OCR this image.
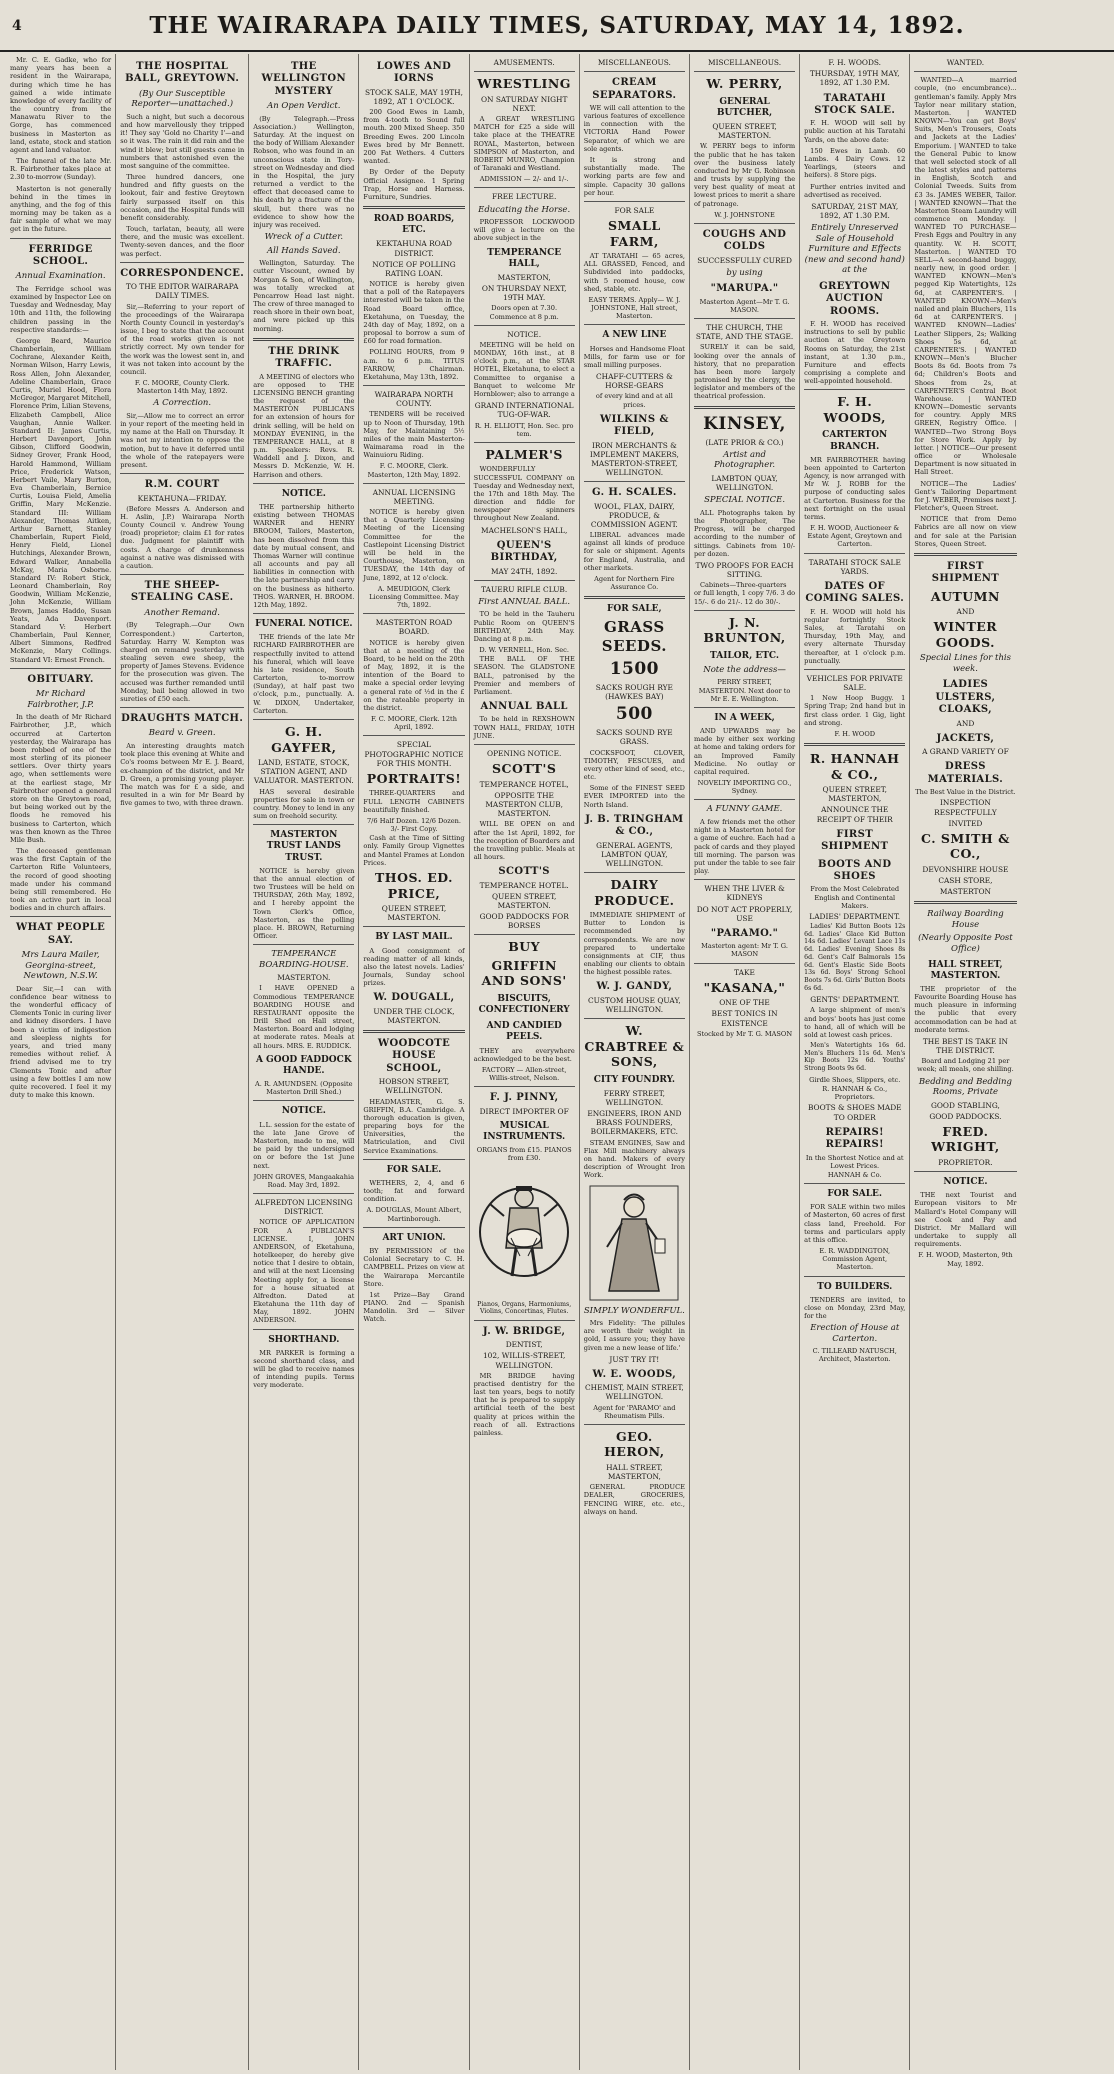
4	THE WAIRARAPA DAILY TIMES, SATURDAY, MAY 14, 1892.

Mr. C. E. Gadke, who for many years has been a resident in the Wairarapa, during which time he has gained a wide intimate knowledge of every facility of the country from the Manawatu River to the Gorge, has commenced business in Masterton as land, estate, stock and station agent and land valuator.

The funeral of the late Mr. R. Fairbrother takes place at 2.30 to-morrow (Sunday).

Masterton is not generally behind in the times in anything, and the fog of this morning may be taken as a fair sample of what we may get in the future.

FERRIDGE SCHOOL.
Annual Examination.

The Ferridge school was examined by Inspector Lee on Tuesday and Wednesday, May 10th and 11th, the following children passing in the respective standards:—

George Beard, Maurice Chamberlain, William Cochrane, Alexander Keith, Norman Wilson, Harry Lewis, Ross Allen, John Alexander, Adeline Chamberlain, Grace Curtis, Muriel Hood, Flora McGregor, Margaret Mitchell, Florence Prim, Lilian Stevens, Elizabeth Campbell, Alice Vaughan, Annie Walker. Standard II: James Curtis, Herbert Davenport, John Gibson, Clifford Goodwin, Sidney Grover, Frank Hood, Harold Hammond, William Price, Frederick Watson, Herbert Vaile, Mary Burton, Eva Chamberlain, Bernice Curtis, Louisa Field, Amelia Griffin, Mary McKenzie. Standard III: William Alexander, Thomas Aitken, Arthur Barnett, Stanley Chamberlain, Rupert Field, Henry Field, Lionel Hutchings, Alexander Brown, Edward Walker, Annabella McKay, Maria Osborne. Standard IV: Robert Stick, Leonard Chamberlain, Roy Goodwin, William McKenzie, John McKenzie, William Brown, James Haddo, Susan Yeats, Ada Davenport. Standard V: Herbert Chamberlain, Paul Kenner, Albert Simmons, Redfred McKenzie, Mary Collings. Standard VI: Ernest French.

OBITUARY.
Mr Richard Fairbrother, J.P.

In the death of Mr Richard Fairbrother, J.P., which occurred at Carterton yesterday, the Wairarapa has been robbed of one of the most sterling of its pioneer settlers. Over thirty years ago, when settlements were at the earliest stage, Mr Fairbrother opened a general store on the Greytown road, but being worked out by the floods he removed his business to Carterton, which was then known as the Three Mile Bush.

The deceased gentleman was the first Captain of the Carterton Rifle Volunteers, the record of good shooting made under his command being still remembered. He took an active part in local bodies and in church affairs.

WHAT PEOPLE SAY.
Mrs Laura Mailer, Georgina-street, Newtown, N.S.W.

Dear Sir,—I can with confidence bear witness to the wonderful efficacy of Clements Tonic in curing liver and kidney disorders. I have been a victim of indigestion and sleepless nights for years, and tried many remedies without relief. A friend advised me to try Clements Tonic and after using a few bottles I am now quite recovered. I feel it my duty to make this known.

THE HOSPITAL BALL, GREYTOWN.
(By Our Susceptible Reporter—unattached.)

Such a night, but such a decorous and how marvellously they tripped it! They say 'Gold no Charity I'—and so it was. The rain it did rain and the wind it blew; but still guests came in numbers that astonished even the most sanguine of the committee.

Three hundred dancers, one hundred and fifty guests on the lookout, fair and festive Greytown fairly surpassed itself on this occasion, and the Hospital funds will benefit considerably.

Touch, tarlatan, beauty, all were there, and the music was excellent. Twenty-seven dances, and the floor was perfect.

CORRESPONDENCE.
TO THE EDITOR WAIRARAPA DAILY TIMES.

Sir,—Referring to your report of the proceedings of the Wairarapa North County Council in yesterday's issue, I beg to state that the account of the road works given is not strictly correct. My own tender for the work was the lowest sent in, and it was not taken into account by the council.

F. C. MOORE, County Clerk. Masterton 14th May, 1892.

A Correction.

Sir,—Allow me to correct an error in your report of the meeting held in my name at the Hall on Thursday. It was not my intention to oppose the motion, but to have it deferred until the whole of the ratepayers were present.

R.M. COURT
KEKTAHUNA—FRIDAY.

(Before Messrs A. Anderson and H. Aslin, J.P.) Wairarapa North County Council v. Andrew Young (road) proprietor; claim £1 for rates due. Judgment for plaintiff with costs. A charge of drunkenness against a native was dismissed with a caution.

THE SHEEP-STEALING CASE.
Another Remand.

(By Telegraph.—Our Own Correspondent.) Carterton, Saturday. Harry W. Kempton was charged on remand yesterday with stealing seven ewe sheep, the property of James Stevens. Evidence for the prosecution was given. The accused was further remanded until Monday, bail being allowed in two sureties of £50 each.

DRAUGHTS MATCH.
Beard v. Green.

An interesting draughts match took place this evening at White and Co's rooms between Mr E. J. Beard, ex-champion of the district, and Mr D. Green, a promising young player. The match was for £ a side, and resulted in a win for Mr Beard by five games to two, with three drawn.

THE WELLINGTON MYSTERY
An Open Verdict.

(By Telegraph.—Press Association.) Wellington, Saturday. At the inquest on the body of William Alexander Robson, who was found in an unconscious state in Tory-street on Wednesday and died in the Hospital, the jury returned a verdict to the effect that deceased came to his death by a fracture of the skull, but there was no evidence to show how the injury was received.

Wreck of a Cutter.
All Hands Saved.

Wellington, Saturday. The cutter Viscount, owned by Morgan & Son, of Wellington, was totally wrecked at Pencarrow Head last night. The crew of three managed to reach shore in their own boat, and were picked up this morning.

THE DRINK TRAFFIC.

A MEETING of electors who are opposed to THE LICENSING BENCH granting the request of the MASTERTON PUBLICANS for an extension of hours for drink selling, will be held on MONDAY EVENING, in the TEMPERANCE HALL, at 8 p.m. Speakers: Revs. R. Waddell and J. Dixon, and Messrs D. McKenzie, W. H. Harrison and others.

NOTICE.

THE partnership hitherto existing between THOMAS WARNER and HENRY BROOM, Tailors, Masterton, has been dissolved from this date by mutual consent, and Thomas Warner will continue all accounts and pay all liabilities in connection with the late partnership and carry on the business as hitherto. THOS. WARNER, H. BROOM. 12th May, 1892.

FUNERAL NOTICE.

THE friends of the late Mr RICHARD FAIRBROTHER are respectfully invited to attend his funeral, which will leave his late residence, South Carterton, to-morrow (Sunday), at half past two o'clock, p.m., punctually. A. W. DIXON, Undertaker, Carterton.

G. H. GAYFER,
LAND, ESTATE, STOCK, STATION AGENT, AND VALUATOR. MASTERTON.

HAS several desirable properties for sale in town or country. Money to lend in any sum on freehold security.

MASTERTON TRUST LANDS TRUST.

NOTICE is hereby given that the annual election of two Trustees will be held on THURSDAY, 26th May, 1892, and I hereby appoint the Town Clerk's Office, Masterton, as the polling place. H. BROWN, Returning Officer.

TEMPERANCE BOARDING-HOUSE.
MASTERTON.

I HAVE OPENED a Commodious TEMPERANCE BOARDING HOUSE and RESTAURANT opposite the Drill Shed on Hall street, Masterton. Board and lodging at moderate rates. Meals at all hours. MRS. E. RUDDICK.

A GOOD FADDOCK HANDE.

A. R. AMUNDSEN. (Opposite Masterton Drill Shed.)

NOTICE.

L.L. session for the estate of the late Jane Grove of Masterton, made to me, will be paid by the undersigned on or before the 1st June next.

JOHN GROVES, Mangaakahia Road. May 3rd, 1892.

ALFREDTON LICENSING DISTRICT.

NOTICE OF APPLICATION FOR A PUBLICAN'S LICENSE. I, JOHN ANDERSON, of Eketahuna, hotelkeeper, do hereby give notice that I desire to obtain, and will at the next Licensing Meeting apply for, a license for a house situated at Alfredton. Dated at Eketahuna the 11th day of May, 1892. JOHN ANDERSON.

SHORTHAND.

MR PARKER is forming a second shorthand class, and will be glad to receive names of intending pupils. Terms very moderate.

LOWES AND IORNS
STOCK SALE, MAY 19TH, 1892, AT 1 O'CLOCK.

200 Good Ewes in Lamb, from 4-tooth to Sound full mouth. 200 Mixed Sheep. 350 Breeding Ewes. 200 Lincoln Ewes bred by Mr Bennett. 200 Fat Wethers. 4 Cutters wanted.

By Order of the Deputy Official Assignee. 1 Spring Trap, Horse and Harness. Furniture, Sundries.

ROAD BOARDS, ETC.
KEKTAHUNA ROAD DISTRICT.
NOTICE OF POLLING RATING LOAN.

NOTICE is hereby given that a poll of the Ratepayers interested will be taken in the Road Board office, Eketahuna, on Tuesday, the 24th day of May, 1892, on a proposal to borrow a sum of £60 for road formation.

POLLING HOURS, from 9 a.m. to 6 p.m. TITUS FARROW, Chairman. Eketahuna, May 13th, 1892.

WAIRARAPA NORTH COUNTY.

TENDERS will be received up to Noon of Thursday, 19th May, for Maintaining 5½ miles of the main Masterton-Waimarama road in the Wainuioru Riding.

F. C. MOORE, Clerk. Masterton, 12th May, 1892.

ANNUAL LICENSING MEETING.

NOTICE is hereby given that a Quarterly Licensing Meeting of the Licensing Committee for the Castlepoint Licensing District will be held in the Courthouse, Masterton, on TUESDAY, the 14th day of June, 1892, at 12 o'clock.

A. MEUDIGON, Clerk Licensing Committee. May 7th, 1892.

MASTERTON ROAD BOARD.

NOTICE is hereby given that at a meeting of the Board, to be held on the 20th of May, 1892, it is the intention of the Board to make a special order levying a general rate of ½d in the £ on the rateable property in the district.

F. C. MOORE, Clerk. 12th April, 1892.

SPECIAL PHOTOGRAPHIC NOTICE FOR THIS MONTH.
PORTRAITS!

THREE-QUARTERS and FULL LENGTH CABINETS beautifully finished.

7/6 Half Dozen. 12/6 Dozen. 3/- First Copy.

Cash at the Time of Sitting only. Family Group Vignettes and Mantel Frames at London Prices.

THOS. ED. PRICE,
QUEEN STREET, MASTERTON.
BY LAST MAIL.

A Good consignment of reading matter of all kinds, also the latest novels. Ladies' Journals, Sunday school prizes.

W. DOUGALL,
UNDER THE CLOCK, MASTERTON.
WOODCOTE HOUSE SCHOOL,
HOBSON STREET, WELLINGTON.

HEADMASTER, G. S. GRIFFIN, B.A. Cambridge. A thorough education is given, preparing boys for the Universities, the Matriculation, and Civil Service Examinations.

FOR SALE.

WETHERS, 2, 4, and 6 tooth; fat and forward condition.

A. DOUGLAS, Mount Albert, Martinborough.

ART UNION.

BY PERMISSION of the Colonial Secretary to C. H. CAMPBELL. Prizes on view at the Wairarapa Mercantile Store.

1st Prize—Bay Grand PIANO. 2nd — Spanish Mandolin. 3rd — Silver Watch.

AMUSEMENTS.
WRESTLING
ON SATURDAY NIGHT NEXT.

A GREAT WRESTLING MATCH for £25 a side will take place at the THEATRE ROYAL, Masterton, between SIMPSON of Masterton, and ROBERT MUNRO, Champion of Taranaki and Westland.

ADMISSION — 2/- and 1/-.

FREE LECTURE.
Educating the Horse.

PROFESSOR LOCKWOOD will give a lecture on the above subject in the

TEMPERANCE HALL,
MASTERTON,
ON THURSDAY NEXT, 19TH MAY.

Doors open at 7.30. Commence at 8 p.m.

NOTICE.

MEETING will be held on MONDAY, 16th inst., at 8 o'clock p.m., at the STAR HOTEL, Eketahuna, to elect a Committee to organise a Banquet to welcome Mr Hornblower; also to arrange a

GRAND INTERNATIONAL TUG-OF-WAR.

R. H. ELLIOTT, Hon. Sec. pro tem.

PALMER'S

WONDERFULLY SUCCESSFUL COMPANY on Tuesday and Wednesday next, the 17th and 18th May. The direction and fiddle for newspaper spinners throughout New Zealand.

MACHELSON'S HALL,
QUEEN'S BIRTHDAY,
MAY 24TH, 1892.
TAUERU RIFLE CLUB.
First ANNUAL BALL.

TO be held in the Tauheru Public Room on QUEEN'S BIRTHDAY, 24th May. Dancing at 8 p.m.

D. W. VERNELL, Hon. Sec.

THE BALL OF THE SEASON. The GLADSTONE BALL, patronised by the Premier and members of Parliament.

ANNUAL BALL

To be held in REXSHOWN TOWN HALL, FRIDAY, 10TH JUNE.

OPENING NOTICE.
SCOTT'S
TEMPERANCE HOTEL,
OPPOSITE THE MASTERTON CLUB, MASTERTON.

WILL BE OPEN on and after the 1st April, 1892, for the reception of Boarders and the travelling public. Meals at all hours.

SCOTT'S
TEMPERANCE HOTEL.
QUEEN STREET, MASTERTON.
GOOD PADDOCKS FOR BORSES
BUY
GRIFFIN AND SONS'
BISCUITS, CONFECTIONERY
AND CANDIED PEELS.

THEY are everywhere acknowledged to be the best.

FACTORY — Allen-street, Willis-street, Nelson.

F. J. PINNY,
DIRECT IMPORTER OF
MUSICAL INSTRUMENTS.

ORGANS from £15. PIANOS from £30.

Pianos, Organs, Harmoniums, Violins, Concertinas, Flutes.

J. W. BRIDGE,
DENTIST,
102, WILLIS-STREET, WELLINGTON.

MR BRIDGE having practised dentistry for the last ten years, begs to notify that he is prepared to supply artificial teeth of the best quality at prices within the reach of all. Extractions painless.

MISCELLANEOUS.
CREAM SEPARATORS.

WE will call attention to the various features of excellence in connection with the VICTORIA Hand Power Separator, of which we are sole agents.

It is strong and substantially made. The working parts are few and simple. Capacity 30 gallons per hour.

FOR SALE
SMALL FARM,

AT TARATAHI — 65 acres, ALL GRASSED, Fenced, and Subdivided into paddocks, with 5 roomed house, cow shed, stable, etc.

EASY TERMS. Apply— W. J. JOHNSTONE, Hall street, Masterton.

A NEW LINE

Horses and Handsome Float Mills, for farm use or for small milling purposes.

CHAFF-CUTTERS & HORSE-GEARS

of every kind and at all prices.

WILKINS & FIELD,
IRON MERCHANTS & IMPLEMENT MAKERS, MASTERTON-STREET, WELLINGTON.
G. H. SCALES.
WOOL, FLAX, DAIRY, PRODUCE, & COMMISSION AGENT.

LIBERAL advances made against all kinds of produce for sale or shipment. Agents for England, Australia, and other markets.

Agent for Northern Fire Assurance Co.

FOR SALE,
GRASS SEEDS.
1500
SACKS ROUGH RYE (HAWKES BAY)
500
SACKS SOUND RYE GRASS.

COCKSFOOT, CLOVER, TIMOTHY, FESCUES, and every other kind of seed, etc., etc.

Some of the FINEST SEED EVER IMPORTED into the North Island.

J. B. TRINGHAM & CO.,
GENERAL AGENTS, LAMBTON QUAY, WELLINGTON.
DAIRY PRODUCE.

IMMEDIATE SHIPMENT of Butter to London is recommended by correspondents. We are now prepared to undertake consignments at CIF, thus enabling our clients to obtain the highest possible rates.

W. J. GANDY,
CUSTOM HOUSE QUAY, WELLINGTON.
W. CRABTREE & SONS,
CITY FOUNDRY.
FERRY STREET, WELLINGTON.
ENGINEERS, IRON AND BRASS FOUNDERS, BOILERMAKERS, ETC.

STEAM ENGINES, Saw and Flax Mill machinery always on hand. Makers of every description of Wrought Iron Work.

SIMPLY WONDERFUL.

Mrs Fidelity: 'The pillules are worth their weight in gold, I assure you; they have given me a new lease of life.'

JUST TRY IT!
W. E. WOODS,
CHEMIST, MAIN STREET, WELLINGTON.

Agent for 'PARAMO' and Rheumatism Pills.

GEO. HERON,
HALL STREET, MASTERTON,

GENERAL PRODUCE DEALER, GROCERIES, FENCING WIRE, etc. etc., always on hand.

MISCELLANEOUS.
W. PERRY,
GENERAL BUTCHER,
QUEEN STREET, MASTERTON.

W. PERRY begs to inform the public that he has taken over the business lately conducted by Mr G. Robinson and trusts by supplying the very best quality of meat at lowest prices to merit a share of patronage.

W. J. JOHNSTONE

COUGHS AND COLDS
SUCCESSFULLY CURED
by using
"MARUPA."

Masterton Agent—Mr T. G. MASON.

THE CHURCH, THE STATE, AND THE STAGE.

SURELY it can be said, looking over the annals of history, that no preparation has been more largely patronised by the clergy, the legislator and members of the theatrical profession.

KINSEY,
(LATE PRIOR & CO.)
Artist and Photographer.
LAMBTON QUAY, WELLINGTON.
SPECIAL NOTICE.

ALL Photographs taken by the Photographer, The Progress, will be charged according to the number of sittings. Cabinets from 10/- per dozen.

TWO PROOFS FOR EACH SITTING.

Cabinets—Three-quarters or full length, 1 copy 7/6. 3 do 15/-. 6 do 21/-. 12 do 30/-.

J. N. BRUNTON,
TAILOR, ETC.
Note the address—

PERRY STREET, MASTERTON. Next door to Mr E. E. Wellington.

IN A WEEK,

AND UPWARDS may be made by either sex working at home and taking orders for an Improved Family Medicine. No outlay or capital required.

NOVELTY IMPORTING CO., Sydney.

A FUNNY GAME.

A few friends met the other night in a Masterton hotel for a game of euchre. Each had a pack of cards and they played till morning. The parson was put under the table to see fair play.

WHEN THE LIVER & KIDNEYS
DO NOT ACT PROPERLY, USE
"PARAMO."

Masterton agent: Mr T. G. MASON

TAKE
"KASANA,"
ONE OF THE
BEST TONICS IN EXISTENCE

Stocked by Mr T. G. MASON

F. H. WOODS.
THURSDAY, 19TH MAY, 1892, AT 1.30 P.M.
TARATAHI STOCK SALE.

F. H. WOOD will sell by public auction at his Taratahi Yards, on the above date:

150 Ewes in Lamb. 60 Lambs. 4 Dairy Cows. 12 Yearlings, (steers and heifers). 8 Store pigs.

Further entries invited and advertised as received.

SATURDAY, 21ST MAY, 1892, AT 1.30 P.M.
Entirely Unreserved Sale of Household Furniture and Effects (new and second hand) at the
GREYTOWN AUCTION ROOMS.

F. H. WOOD has received instructions to sell by public auction at the Greytown Rooms on Saturday, the 21st instant, at 1.30 p.m., Furniture and effects comprising a complete and well-appointed household.

F. H. WOODS,
CARTERTON BRANCH.

MR FAIRBROTHER having been appointed to Carterton Agency, is now arranged with Mr W. J. ROBB for the purpose of conducting sales at Carterton. Business for the next fortnight on the usual terms.

F. H. WOOD, Auctioneer & Estate Agent, Greytown and Carterton.

TARATAHI STOCK SALE YARDS.
DATES OF COMING SALES.

F. H. WOOD will hold his regular fortnightly Stock Sales, at Taratahi on Thursday, 19th May, and every alternate Thursday thereafter, at 1 o'clock p.m. punctually.

VEHICLES FOR PRIVATE SALE.

1 New Hoop Buggy. 1 Spring Trap; 2nd hand but in first class order. 1 Gig, light and strong.

F. H. WOOD

R. HANNAH & CO.,
QUEEN STREET, MASTERTON,
ANNOUNCE THE RECEIPT OF THEIR
FIRST SHIPMENT
BOOTS AND SHOES

From the Most Celebrated English and Continental Makers.

LADIES' DEPARTMENT.

Ladies' Kid Button Boots 12s 6d. Ladies' Glace Kid Button 14s 6d. Ladies' Levant Lace 11s 6d. Ladies' Evening Shoes 8s 6d. Gent's Calf Balmorals 15s 6d. Gent's Elastic Side Boots 13s 6d. Boys' Strong School Boots 7s 6d. Girls' Button Boots 6s 6d.

GENTS' DEPARTMENT.

A large shipment of men's and boys' boots has just come to hand, all of which will be sold at lowest cash prices.

Men's Watertights 16s 6d. Men's Bluchers 11s 6d. Men's Kip Boots 12s 6d. Youths' Strong Boots 9s 6d.

Girdle Shoes, Slippers, etc.

R. HANNAH & Co., Proprietors.

BOOTS & SHOES MADE TO ORDER
REPAIRS! REPAIRS!

In the Shortest Notice and at Lowest Prices.

HANNAH & Co.

FOR SALE.

FOR SALE within two miles of Masterton, 60 acres of first class land, Freehold. For terms and particulars apply at this office.

E. R. WADDINGTON, Commission Agent, Masterton.

TO BUILDERS.

TENDERS are invited, to close on Monday, 23rd May, for the

Erection of House at Carterton.

C. TILLEARD NATUSCH, Architect, Masterton.

WANTED.

WANTED—A married couple, (no encumbrance)... gentleman's family. Apply Mrs Taylor near military station, Masterton. | WANTED KNOWN—You can get Boys' Suits, Men's Trousers, Coats and Jackets at the Ladies' Emporium. | WANTED to take the General Pubic to know that well selected stock of all the latest styles and patterns in English, Scotch and Colonial Tweeds. Suits from £3 3s. JAMES WEBER, Tailor. | WANTED KNOWN—That the Masterton Steam Laundry will commence on Monday. | WANTED TO PURCHASE—Fresh Eggs and Poultry in any quantity. W. H. SCOTT, Masterton. | WANTED TO SELL—A second-hand buggy, nearly new, in good order. | WANTED KNOWN—Men's pegged Kip Watertights, 12s 6d, at CARPENTER'S. | WANTED KNOWN—Men's nailed and plain Bluchers, 11s 6d at CARPENTER'S. | WANTED KNOWN—Ladies' Leather Slippers, 2s; Walking Shoes 5s 6d, at CARPENTER'S. | WANTED KNOWN—Men's Blucher Boots 8s 6d. Boots from 7s 6d; Children's Boots and Shoes from 2s, at CARPENTER'S Central Boot Warehouse. | WANTED KNOWN—Domestic servants for country. Apply MRS GREEN, Registry Office. | WANTED—Two Strong Boys for Store Work. Apply by letter. | NOTICE—Our present office or Wholesale Department is now situated in Hall Street.

NOTICE—The Ladies' Gent's Tailoring Department for J. WEBER, Premises next J. Fletcher's, Queen Street.

NOTICE that from Demo Fabrics are all now on view and for sale at the Parisian Stores, Queen Street.

FIRST SHIPMENT
AUTUMN
AND
WINTER GOODS.
Special Lines for this week.
LADIES ULSTERS, CLOAKS,
AND
JACKETS,
A GRAND VARIETY OF
DRESS MATERIALS.

The Best Value in the District.

INSPECTION RESPECTFULLY
INVITED
C. SMITH & CO.,
DEVONSHIRE HOUSE
CASH STORE,
MASTERTON
Railway Boarding House
(Nearly Opposite Post Office)
HALL STREET, MASTERTON.

THE proprietor of the Favourite Boarding House has much pleasure in informing the public that every accommodation can be had at moderate terms.

THE BEST IS TAKE IN THE DISTRICT.

Board and Lodging 21 per week; all meals, one shilling.

Bedding and Bedding Rooms, Private
GOOD STABLING,
GOOD PADDOCKS.
FRED. WRIGHT,
PROPRIETOR.
NOTICE.

THE next Tourist and European visitors to Mr Mallard's Hotel Company will see Cook and Pay and District. Mr Mallard will undertake to supply all requirements.

F. H. WOOD, Masterton, 9th May, 1892.
